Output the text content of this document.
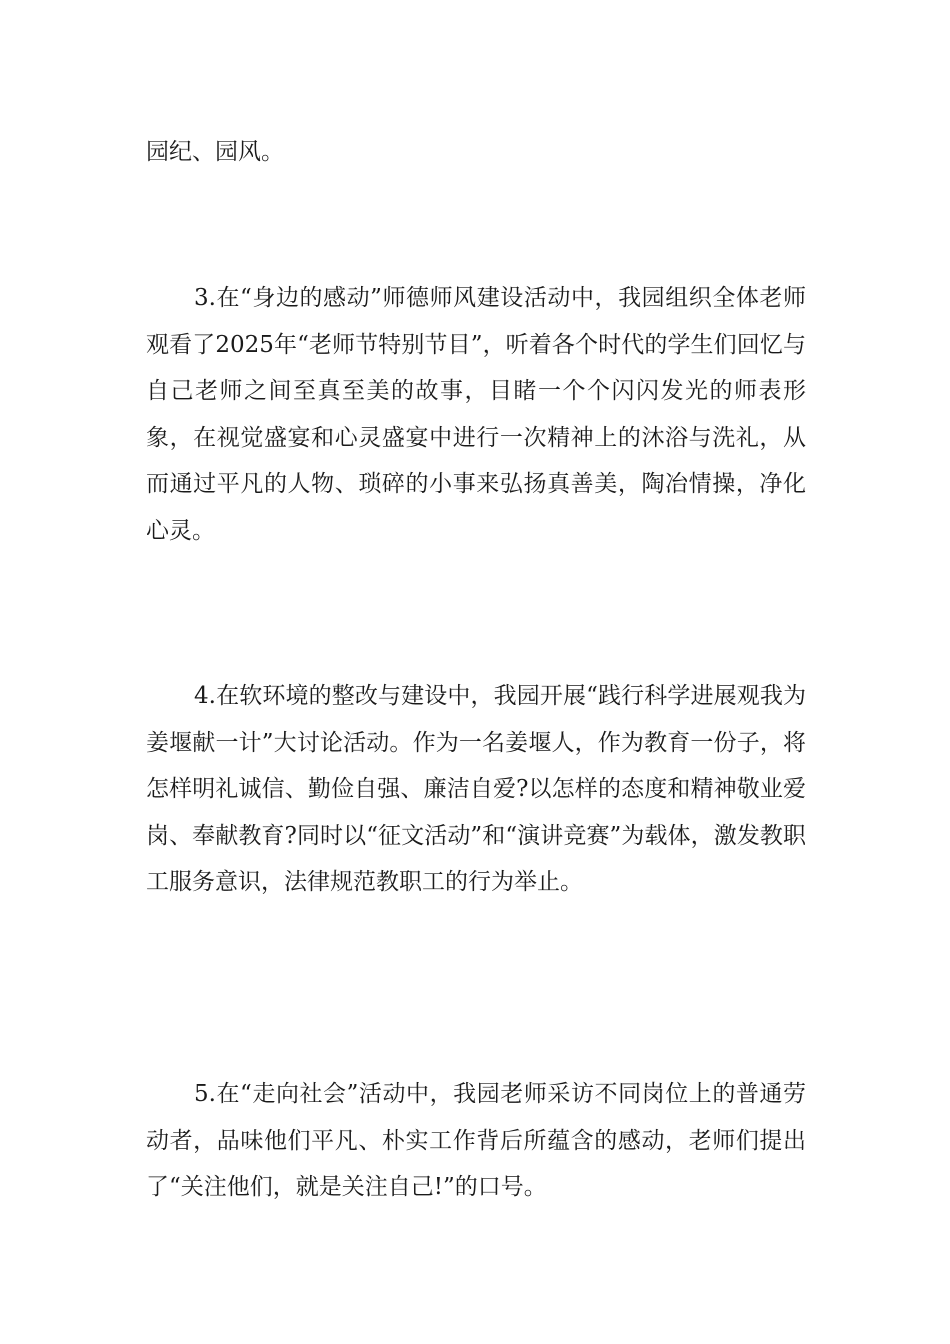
园纪、园风。

3.在“身边的感动”师德师风建设活动中，我园组织全体老师观看了2025年“老师节特别节目”，听着各个时代的学生们回忆与自己老师之间至真至美的故事，目睹一个个闪闪发光的师表形象，在视觉盛宴和心灵盛宴中进行一次精神上的沐浴与洗礼，从而通过平凡的人物、琐碎的小事来弘扬真善美，陶冶情操，净化心灵。

4.在软环境的整改与建设中，我园开展“践行科学进展观我为姜堰献一计”大讨论活动。作为一名姜堰人，作为教育一份子，将怎样明礼诚信、勤俭自强、廉洁自爱?以怎样的态度和精神敬业爱岗、奉献教育?同时以“征文活动”和“演讲竞赛”为载体，激发教职工服务意识，法律规范教职工的行为举止。

5.在“走向社会”活动中，我园老师采访不同岗位上的普通劳动者，品味他们平凡、朴实工作背后所蕴含的感动，老师们提出了“关注他们，就是关注自己!”的口号。
